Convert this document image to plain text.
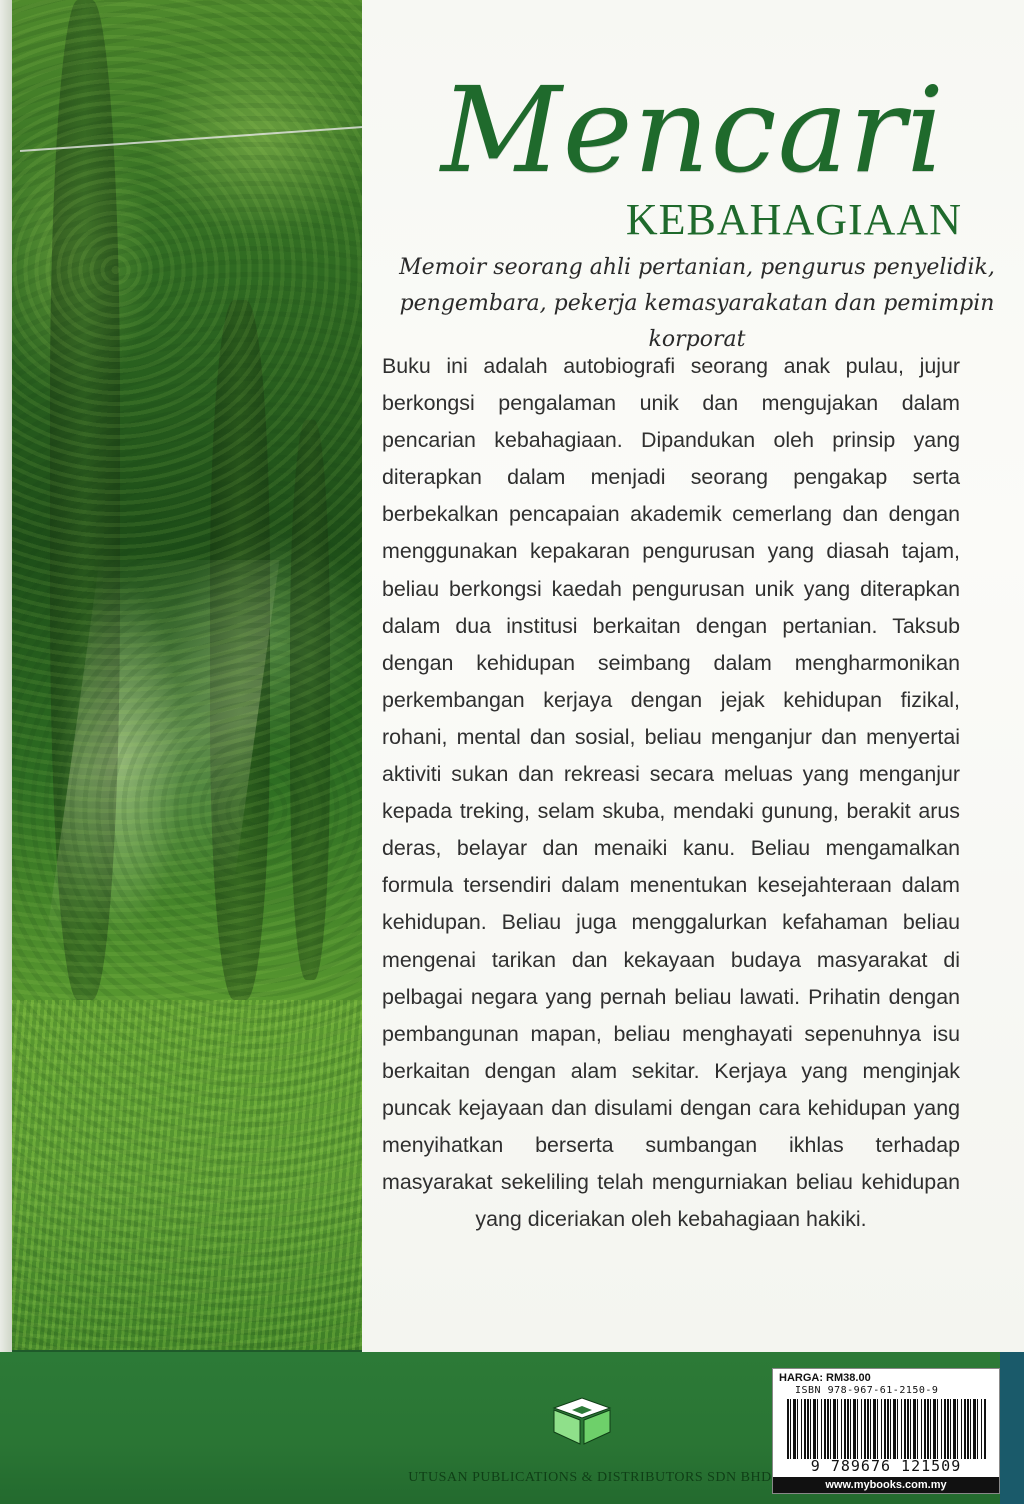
Mencari
KEBAHAGIAAN
Memoir seorang ahli pertanian, pengurus penyelidik,
pengembara, pekerja kemasyarakatan dan pemimpin korporat
Buku ini adalah autobiografi seorang anak pulau, jujur berkongsi pengalaman unik dan mengujakan dalam pencarian kebahagiaan. Dipandukan oleh prinsip yang diterapkan dalam menjadi seorang pengakap serta berbekalkan pencapaian akademik cemerlang dan dengan menggunakan kepakaran pengurusan yang diasah tajam, beliau berkongsi kaedah pengurusan unik yang diterapkan dalam dua institusi berkaitan dengan pertanian. Taksub dengan kehidupan seimbang dalam mengharmonikan perkembangan kerjaya dengan jejak kehidupan fizikal, rohani, mental dan sosial, beliau menganjur dan menyertai aktiviti sukan dan rekreasi secara meluas yang menganjur kepada treking, selam skuba, mendaki gunung, berakit arus deras, belayar dan menaiki kanu. Beliau mengamalkan formula tersendiri dalam menentukan kesejahteraan dalam kehidupan. Beliau juga menggalurkan kefahaman beliau mengenai tarikan dan kekayaan budaya masyarakat di pelbagai negara yang pernah beliau lawati. Prihatin dengan pembangunan mapan, beliau menghayati sepenuhnya isu berkaitan dengan alam sekitar. Kerjaya yang menginjak puncak kejayaan dan disulami dengan cara kehidupan yang menyihatkan berserta sumbangan ikhlas terhadap masyarakat sekeliling telah mengurniakan beliau kehidupan yang diceriakan oleh kebahagiaan hakiki.
UTUSAN PUBLICATIONS & DISTRIBUTORS SDN BHD
HARGA: RM38.00
ISBN 978-967-61-2150-9
9 789676 121509
www.mybooks.com.my
